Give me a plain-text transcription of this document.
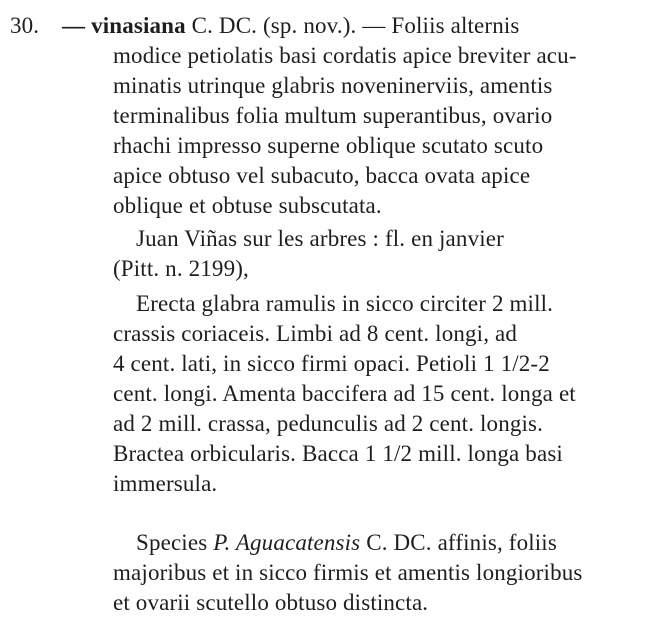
30. — vinasiana C. DC. (sp. nov.). — Foliis alternis
modice petiolatis basi cordatis apice breviter acu-
minatis utrinque glabris noveninerviis, amentis
terminalibus folia multum superantibus, ovario
rhachi impresso superne oblique scutato scuto
apice obtuso vel subacuto, bacca ovata apice
oblique et obtuse subscutata.
Juan Viñas sur les arbres : fl. en janvier
(Pitt. n. 2199),
Erecta glabra ramulis in sicco circiter 2 mill.
crassis coriaceis. Limbi ad 8 cent. longi, ad
4 cent. lati, in sicco firmi opaci. Petioli 1 1/2-2
cent. longi. Amenta baccifera ad 15 cent. longa et
ad 2 mill. crassa, pedunculis ad 2 cent. longis.
Bractea orbicularis. Bacca 1 1/2 mill. longa basi
immersula.
Species P. Aguacatensis C. DC. affinis, foliis
majoribus et in sicco firmis et amentis longioribus
et ovarii scutello obtuso distincta.
